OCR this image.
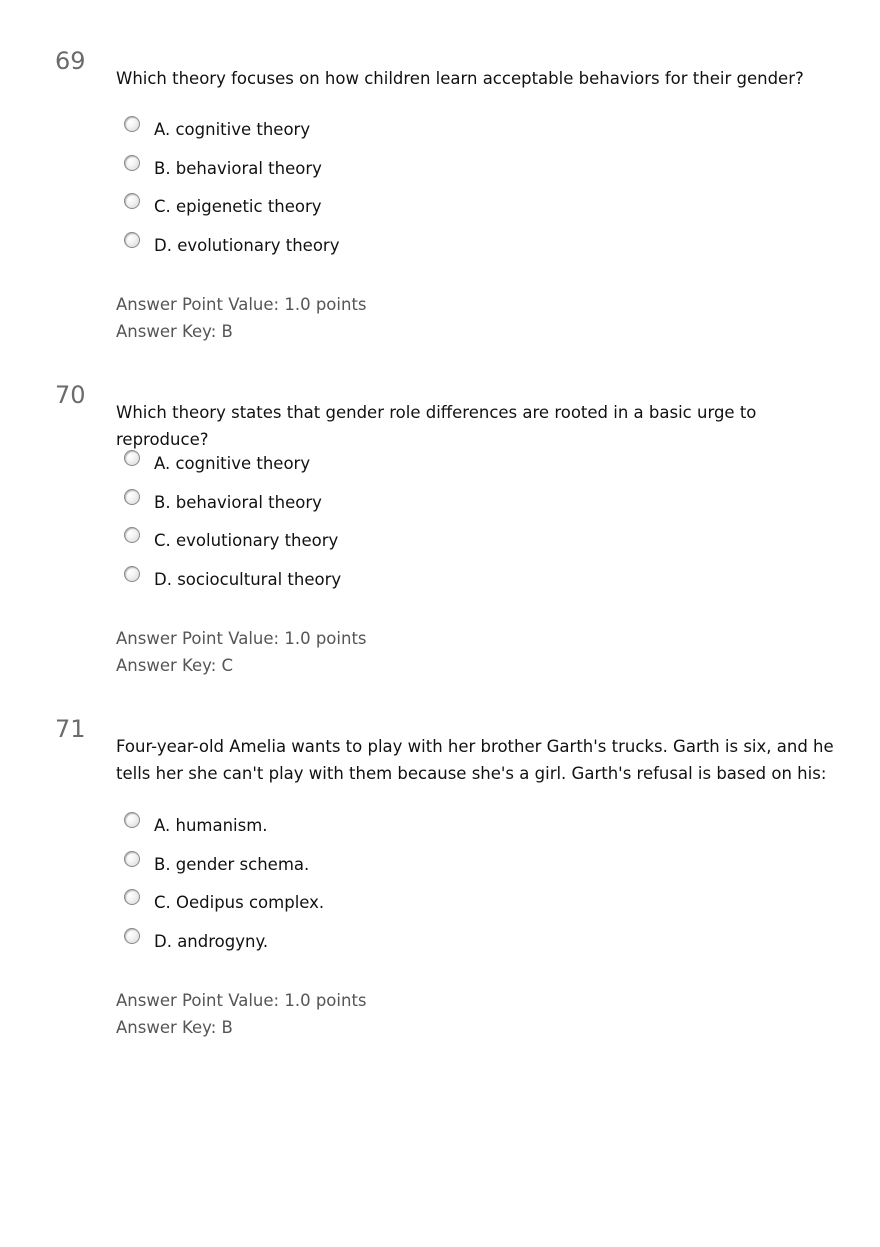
69

Which theory focuses on how children learn acceptable behaviors for their gender?

A. cognitive theory
B. behavioral theory
C. epigenetic theory
D. evolutionary theory
Answer Point Value: 1.0 points
Answer Key: B
70

Which theory states that gender role differences are rooted in a basic urge to reproduce?

A. cognitive theory
B. behavioral theory
C. evolutionary theory
D. sociocultural theory
Answer Point Value: 1.0 points
Answer Key: C
71

Four-year-old Amelia wants to play with her brother Garth's trucks. Garth is six, and he tells her she can't play with them because she's a girl. Garth's refusal is based on his:

A. humanism.
B. gender schema.
C. Oedipus complex.
D. androgyny.
Answer Point Value: 1.0 points
Answer Key: B
